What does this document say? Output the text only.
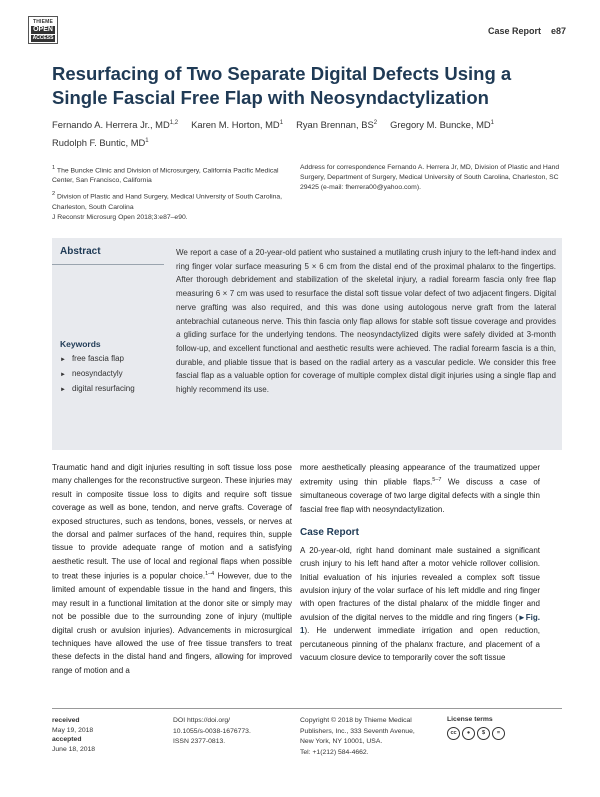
THIEME
OPEN
ACCESS
Case Report e87
Resurfacing of Two Separate Digital Defects Using a Single Fascial Free Flap with Neosyndactylization
Fernando A. Herrera Jr., MD$^{1,2}$ Karen M. Horton, $MD^1$ Ryan Brennan, $BS^2$ Gregory M. Buncke, $MD^1$
Rudolph F. Buntic, $MD^1$

$^1$ The Buncke Clinic and Division of Microsurgery, California Pacific Medical Center, San Francisco, California

$^2$ Division of Plastic and Hand Surgery, Medical University of South Carolina, Charleston, South Carolina

Address for correspondence Fernando A. Herrera Jr, MD, Division of Plastic and Hand Surgery, Department of Surgery, Medical University of South Carolina, Charleston, SC 29425 (e-mail: fherrera00@yahoo.com).
J Reconstr Microsurg Open 2018;3:e87–e90.
Abstract	We report a case of a 20-year-old patient who sustained a mutilating crush injury to the left-hand index and ring finger volar surface measuring 5 × 6 cm from the distal end of the proximal phalanx to the fingertips. After thorough debridement and stabilization of the skeletal injury, a radial forearm fascia only free flap measuring 6 × 7 cm was used to resurface the distal soft tissue volar defect of two adjacent fingers. Digital nerve grafting was also required, and this was done using autologous nerve graft from the lateral antebrachial cutaneous nerve. This thin fascia only flap allows for stable soft tissue coverage and provides a gliding surface for the underlying tendons. The neosyndactylized digits were safely divided at 3-month follow-up, and excellent functional and aesthetic results were achieved. The radial forearm fascia is a thin, durable, and pliable tissue that is based on the radial artery as a vascular pedicle. We consider this free fascial flap as a valuable option for coverage of multiple complex distal digit injuries using a single flap and highly recommend its use.

Keywords
► free fascia flap
► neosyndactyly
► digital resurfacing

Traumatic hand and digit injuries resulting in soft tissue loss pose many challenges for the reconstructive surgeon. These injuries may result in composite tissue loss to digits and require soft tissue coverage as well as bone, tendon, and nerve grafts. Coverage of exposed structures, such as tendons, bones, vessels, or nerves at the dorsal and palmer surfaces of the hand, requires thin, supple tissue to provide adequate range of motion and a satisfying aesthetic result. The use of local and regional flaps when possible to treat these injuries is a popular choice.$^{1-4}$ However, due to the limited amount of expendable tissue in the hand and fingers, this may result in a functional limitation at the donor site or simply may not be possible due to the surrounding zone of injury (multiple digital crush or avulsion injuries). Advancements in microsurgical techniques have allowed the use of free tissue transfers to treat these defects in the distal hand and fingers, allowing for improved range of motion and a

more aesthetically pleasing appearance of the traumatized upper extremity using thin pliable flaps.$^{5-7}$ We discuss a case of simultaneous coverage of two large digital defects with a single thin fascial free flap with neosyndactylization.

Case Report

A 20-year-old, right hand dominant male sustained a significant crush injury to his left hand after a motor vehicle rollover collision. Initial evaluation of his injuries revealed a complex soft tissue avulsion injury of the volar surface of his left middle and ring finger with open fractures of the distal phalanx of the middle finger and avulsion of the digital nerves to the middle and ring fingers (►Fig. 1). He underwent immediate irrigation and open reduction, percutaneous pinning of the phalanx fracture, and placement of a vacuum closure device to temporarily cover the soft tissue

received
May 19, 2018
accepted
June 18, 2018
DOI https://doi.org/
10.1055/s-0038-1676773.
ISSN 2377-0813.
Copyright © 2018 by Thieme Medical
Publishers, Inc., 333 Seventh Avenue,
New York, NY 10001, USA.
Tel: +1(212) 584-4662.
License terms
cc	●	$	=
